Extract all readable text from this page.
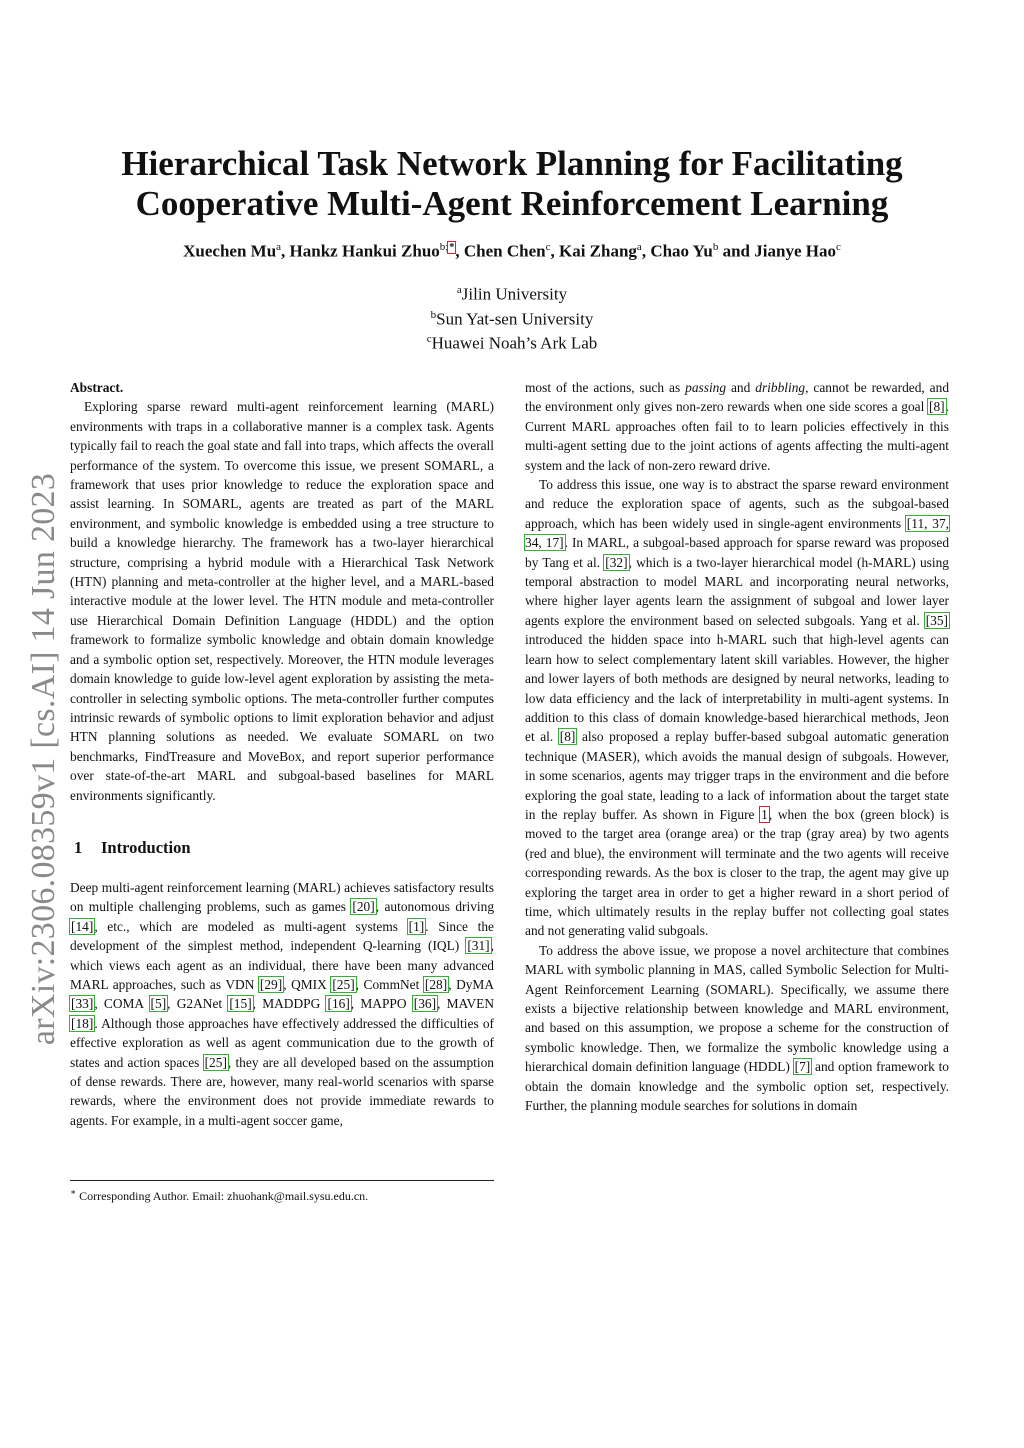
arXiv:2306.08359v1 [cs.AI] 14 Jun 2023
Hierarchical Task Network Planning for Facilitating
Cooperative Multi-Agent Reinforcement Learning
Xuechen Mu$^a$, Hankz Hankui Zhuo$^{b;}$*, Chen Chen$^c$, Kai Zhang$^a$, Chao Yu$^b$ and Jianye Hao$^c$
$^a$Jilin University
$^b$Sun Yat-sen University
$^c$Huawei Noah’s Ark Lab
Abstract.

Exploring sparse reward multi-agent reinforcement learning (MARL) environments with traps in a collaborative manner is a complex task. Agents typically fail to reach the goal state and fall into traps, which affects the overall performance of the system. To overcome this issue, we present SOMARL, a framework that uses prior knowledge to reduce the exploration space and assist learning. In SOMARL, agents are treated as part of the MARL environment, and symbolic knowledge is embedded using a tree structure to build a knowledge hierarchy. The framework has a two-layer hierarchical structure, comprising a hybrid module with a Hierarchical Task Network (HTN) planning and meta-controller at the higher level, and a MARL-based interactive module at the lower level. The HTN module and meta-controller use Hierarchical Domain Definition Language (HDDL) and the option framework to formalize symbolic knowledge and obtain domain knowledge and a symbolic option set, respectively. Moreover, the HTN module leverages domain knowledge to guide low-level agent exploration by assisting the meta-controller in selecting symbolic options. The meta-controller further computes intrinsic rewards of symbolic options to limit exploration behavior and adjust HTN planning solutions as needed. We evaluate SOMARL on two benchmarks, FindTreasure and MoveBox, and report superior performance over state-of-the-art MARL and subgoal-based baselines for MARL environments significantly.

1 Introduction

Deep multi-agent reinforcement learning (MARL) achieves satisfactory results on multiple challenging problems, such as games [20], autonomous driving [14], etc., which are modeled as multi-agent systems [1]. Since the development of the simplest method, independent Q-learning (IQL) [31], which views each agent as an individual, there have been many advanced MARL approaches, such as VDN [29], QMIX [25], CommNet [28], DyMA [33], COMA [5], G2ANet [15], MADDPG [16], MAPPO [36], MAVEN [18]. Although those approaches have effectively addressed the difficulties of effective exploration as well as agent communication due to the growth of states and action spaces [25], they are all developed based on the assumption of dense rewards. There are, however, many real-world scenarios with sparse rewards, where the environment does not provide immediate rewards to agents. For example, in a multi-agent soccer game,

most of the actions, such as passing and dribbling, cannot be rewarded, and the environment only gives non-zero rewards when one side scores a goal [8]. Current MARL approaches often fail to to learn policies effectively in this multi-agent setting due to the joint actions of agents affecting the multi-agent system and the lack of non-zero reward drive.

To address this issue, one way is to abstract the sparse reward environment and reduce the exploration space of agents, such as the subgoal-based approach, which has been widely used in single-agent environments [11, 37, 34, 17]. In MARL, a subgoal-based approach for sparse reward was proposed by Tang et al. [32], which is a two-layer hierarchical model (h-MARL) using temporal abstraction to model MARL and incorporating neural networks, where higher layer agents learn the assignment of subgoal and lower layer agents explore the environment based on selected subgoals. Yang et al. [35] introduced the hidden space into h-MARL such that high-level agents can learn how to select complementary latent skill variables. However, the higher and lower layers of both methods are designed by neural networks, leading to low data efficiency and the lack of interpretability in multi-agent systems. In addition to this class of domain knowledge-based hierarchical methods, Jeon et al. [8] also proposed a replay buffer-based subgoal automatic generation technique (MASER), which avoids the manual design of subgoals. However, in some scenarios, agents may trigger traps in the environment and die before exploring the goal state, leading to a lack of information about the target state in the replay buffer. As shown in Figure 1, when the box (green block) is moved to the target area (orange area) or the trap (gray area) by two agents (red and blue), the environment will terminate and the two agents will receive corresponding rewards. As the box is closer to the trap, the agent may give up exploring the target area in order to get a higher reward in a short period of time, which ultimately results in the replay buffer not collecting goal states and not generating valid subgoals.

To address the above issue, we propose a novel architecture that combines MARL with symbolic planning in MAS, called Symbolic Selection for Multi-Agent Reinforcement Learning (SOMARL). Specifically, we assume there exists a bijective relationship between knowledge and MARL environment, and based on this assumption, we propose a scheme for the construction of symbolic knowledge. Then, we formalize the symbolic knowledge using a hierarchical domain definition language (HDDL) [7] and option framework to obtain the domain knowledge and the symbolic option set, respectively. Further, the planning module searches for solutions in domain

∗ Corresponding Author. Email: zhuohank@mail.sysu.edu.cn.
